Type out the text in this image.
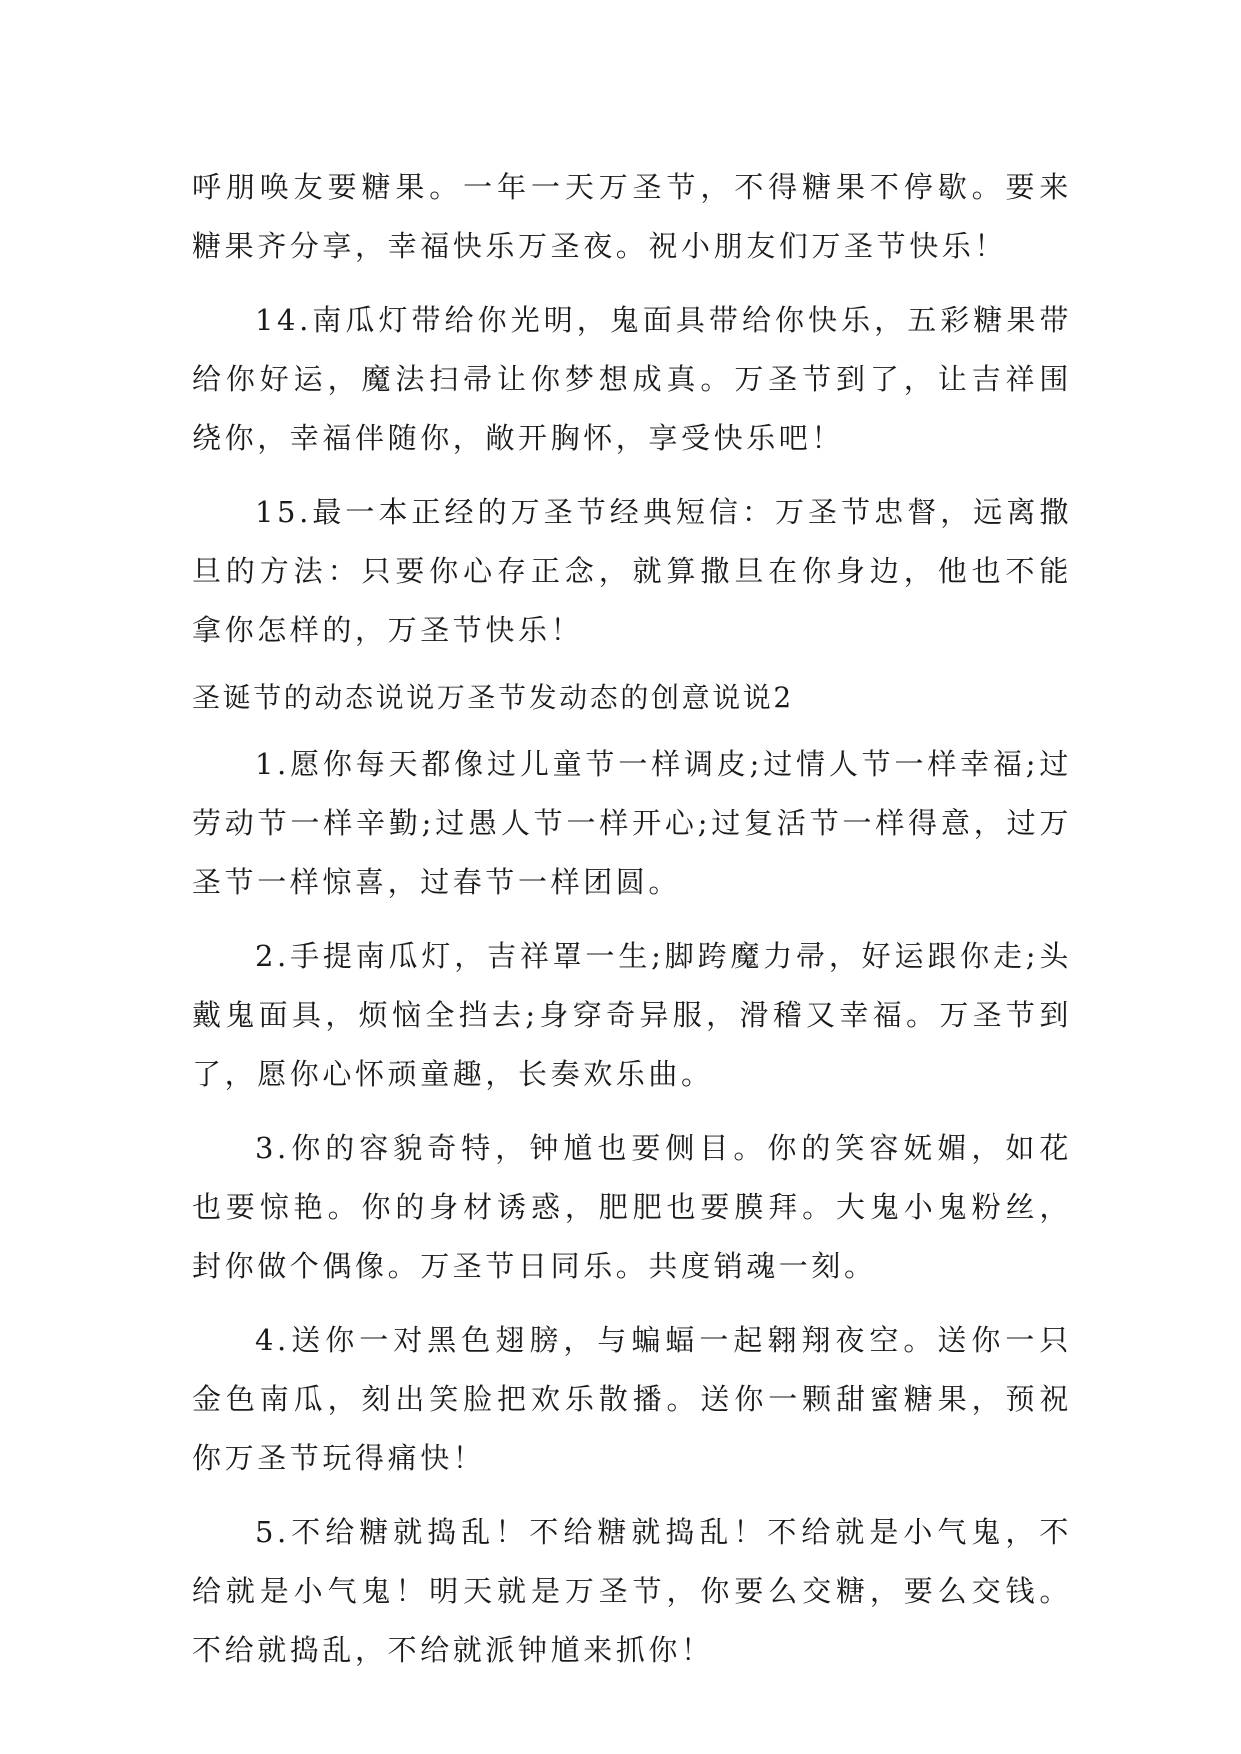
呼朋唤友要糖果。一年一天万圣节，不得糖果不停歇。要来糖果齐分享，幸福快乐万圣夜。祝小朋友们万圣节快乐！

14.南瓜灯带给你光明，鬼面具带给你快乐，五彩糖果带给你好运，魔法扫帚让你梦想成真。万圣节到了，让吉祥围绕你，幸福伴随你，敞开胸怀，享受快乐吧！

15.最一本正经的万圣节经典短信：万圣节忠督，远离撒旦的方法：只要你心存正念，就算撒旦在你身边，他也不能拿你怎样的，万圣节快乐！

圣诞节的动态说说万圣节发动态的创意说说2

1.愿你每天都像过儿童节一样调皮;过情人节一样幸福;过劳动节一样辛勤;过愚人节一样开心;过复活节一样得意，过万圣节一样惊喜，过春节一样团圆。

2.手提南瓜灯，吉祥罩一生;脚跨魔力帚，好运跟你走;头戴鬼面具，烦恼全挡去;身穿奇异服，滑稽又幸福。万圣节到了，愿你心怀顽童趣，长奏欢乐曲。

3.你的容貌奇特，钟馗也要侧目。你的笑容妩媚，如花也要惊艳。你的身材诱惑，肥肥也要膜拜。大鬼小鬼粉丝，封你做个偶像。万圣节日同乐。共度销魂一刻。

4.送你一对黑色翅膀，与蝙蝠一起翱翔夜空。送你一只金色南瓜，刻出笑脸把欢乐散播。送你一颗甜蜜糖果，预祝你万圣节玩得痛快！

5.不给糖就捣乱！不给糖就捣乱！不给就是小气鬼，不给就是小气鬼！明天就是万圣节，你要么交糖，要么交钱。不给就捣乱，不给就派钟馗来抓你！
